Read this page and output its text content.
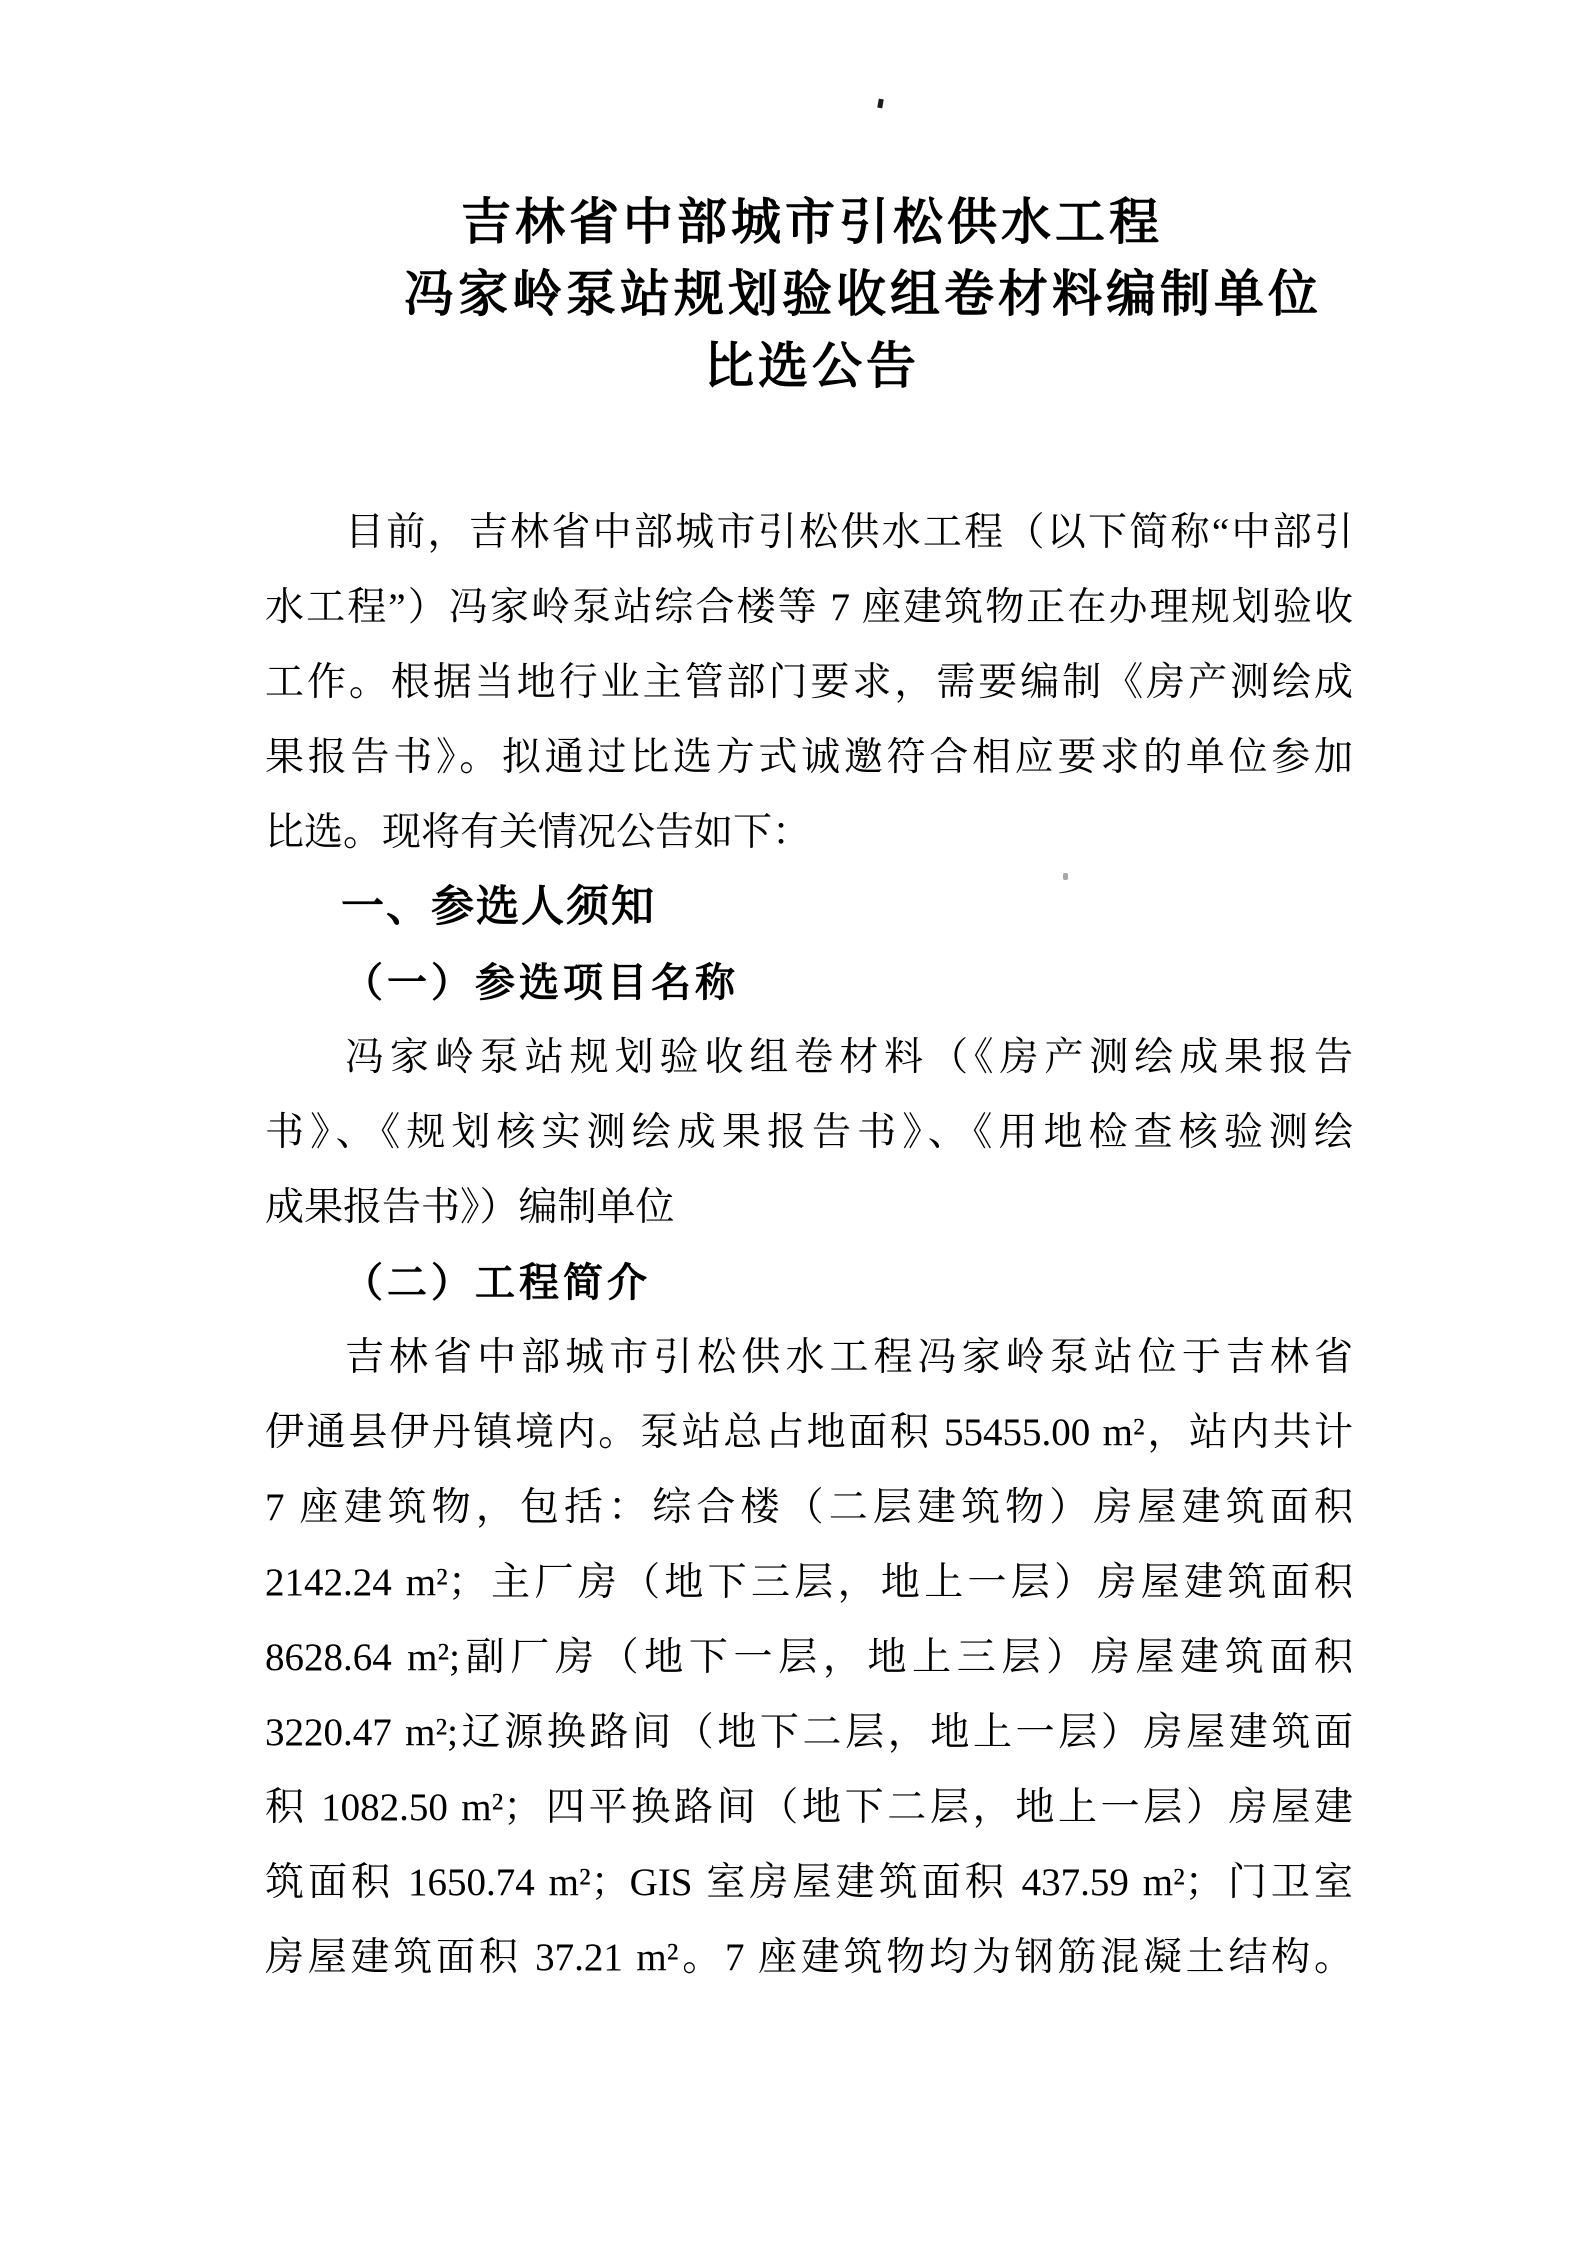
吉林省中部城市引松供水工程
冯家岭泵站规划验收组卷材料编制单位
比选公告

目前，吉林省中部城市引松供水工程（以下简称“中部引

水工程”）冯家岭泵站综合楼等 7 座建筑物正在办理规划验收

工作。根据当地行业主管部门要求，需要编制《房产测绘成

果报告书》。拟通过比选方式诚邀符合相应要求的单位参加

比选。现将有关情况公告如下：

一、参选人须知
（一）参选项目名称

冯家岭泵站规划验收组卷材料（《房产测绘成果报告

书》、《规划核实测绘成果报告书》、《用地检查核验测绘

成果报告书》）编制单位

（二）工程简介

吉林省中部城市引松供水工程冯家岭泵站位于吉林省

伊通县伊丹镇境内。泵站总占地面积 55455.00 m²，站内共计

7 座建筑物，包括：综合楼（二层建筑物）房屋建筑面积

2142.24 m²；主厂房（地下三层，地上一层）房屋建筑面积

8628.64 m²;副厂房（地下一层，地上三层）房屋建筑面积

3220.47 m²;辽源换路间（地下二层，地上一层）房屋建筑面

积 1082.50 m²；四平换路间（地下二层，地上一层）房屋建

筑面积 1650.74 m²；GIS 室房屋建筑面积 437.59 m²；门卫室

房屋建筑面积 37.21 m²。7 座建筑物均为钢筋混凝土结构。
